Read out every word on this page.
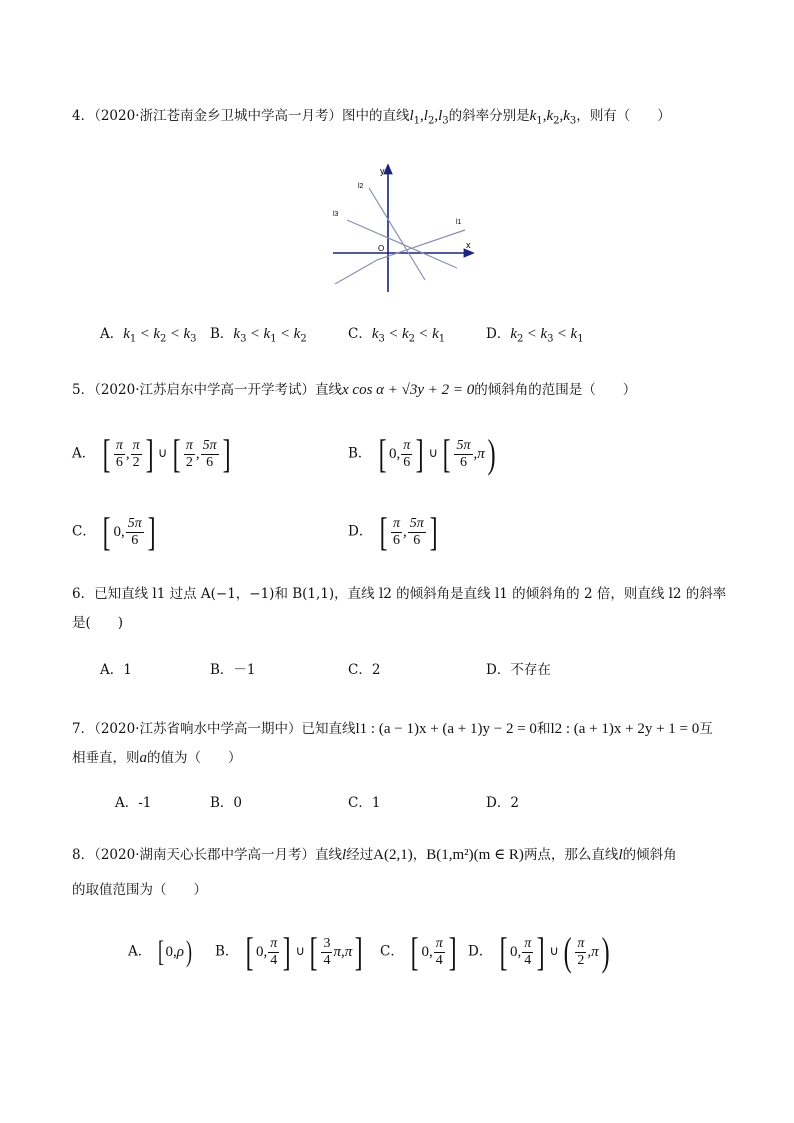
4．（2020·浙江苍南金乡卫城中学高一月考）图中的直线$l_1,l_2,l_3$的斜率分别是$k_1,k_2,k_3$，则有（　　）
y
x
O
l1
l2
l3
A．$k_1 < k_2 < k_3$ B．$k_3 < k_1 < k_2$	C．$k_3 < k_2 < k_1$	D．$k_2 < k_3 < k_1$
5．（2020·江苏启东中学高一开学考试）直线x cos α + √3y + 2 = 0的倾斜角的范围是（　　）
A． [ $\frac{\pi}{6}$ , $\frac{\pi}{2}$ ] ∪ [ $\frac{\pi}{2}$ , $\frac{5\pi}{6}$ ]	B． [ 0, $\frac{\pi}{6}$ ] ∪ [ $\frac{5\pi}{6} ,\pi$)
C． [ 0, $\frac{5\pi}{6}$ ]	D． [ $\frac{\pi}{6}$ , $\frac{5\pi}{6}$ ]
6．已知直线 l1 过点 A(−1，−1)和 B(1,1)，直线 l2 的倾斜角是直线 l1 的倾斜角的 2 倍，则直线 l2 的斜率
是(　　)
A．1	B．－1	C．2	D．不存在
7．（2020·江苏省响水中学高一期中）已知直线l1 : (a − 1)x + (a + 1)y − 2 = 0和l2 : (a + 1)x + 2y + 1 = 0互
相垂直，则a的值为（　　）
A．-1	B．0	C．1	D．2
8．（2020·湖南天心长郡中学高一月考）直线l经过A(2,1)，B(1,m²)(m ∈ R)两点，那么直线l的倾斜角
的取值范围为（　　）
A． [ 0,ρ) B． [ 0, $\frac{\pi}{4}$ ] ∪ [ $\frac{3}{4} \pi,\pi$] C． [ 0, $\frac{\pi}{4}$ ] D． [ 0, $\frac{\pi}{4}$ ] ∪ ( $\frac{\pi}{2} ,\pi$)
